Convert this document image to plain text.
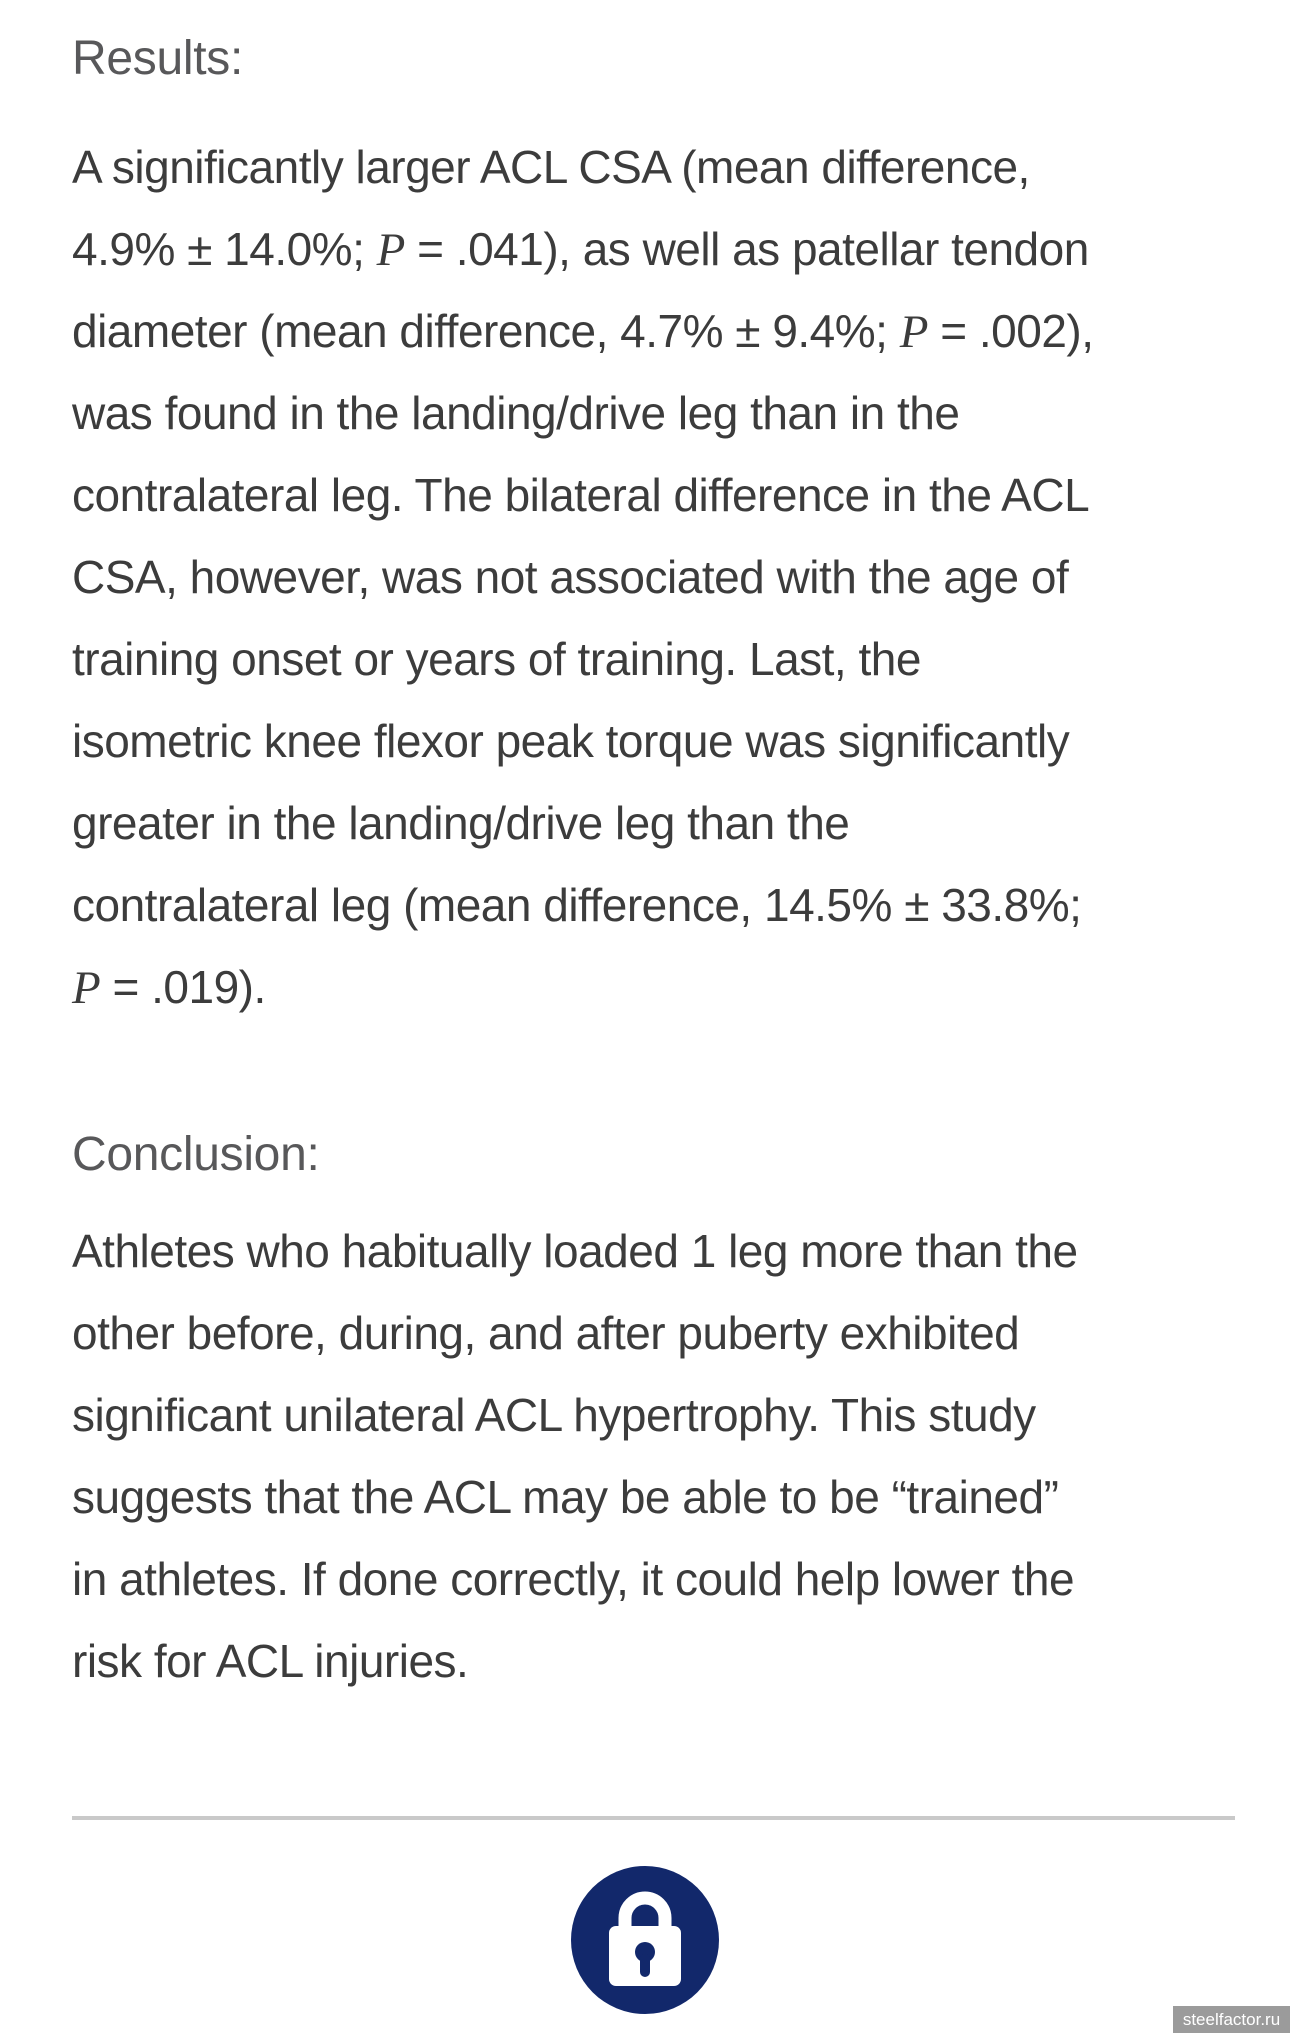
Results:
A significantly larger ACL CSA (mean difference,
4.9% ± 14.0%; P = .041), as well as patellar tendon
diameter (mean difference, 4.7% ± 9.4%; P = .002),
was found in the landing/drive leg than in the
contralateral leg. The bilateral difference in the ACL
CSA, however, was not associated with the age of
training onset or years of training. Last, the
isometric knee flexor peak torque was significantly
greater in the landing/drive leg than the
contralateral leg (mean difference, 14.5% ± 33.8%;
P = .019).
Conclusion:
Athletes who habitually loaded 1 leg more than the
other before, during, and after puberty exhibited
significant unilateral ACL hypertrophy. This study
suggests that the ACL may be able to be “trained”
in athletes. If done correctly, it could help lower the
risk for ACL injuries.
steelfactor.ru
